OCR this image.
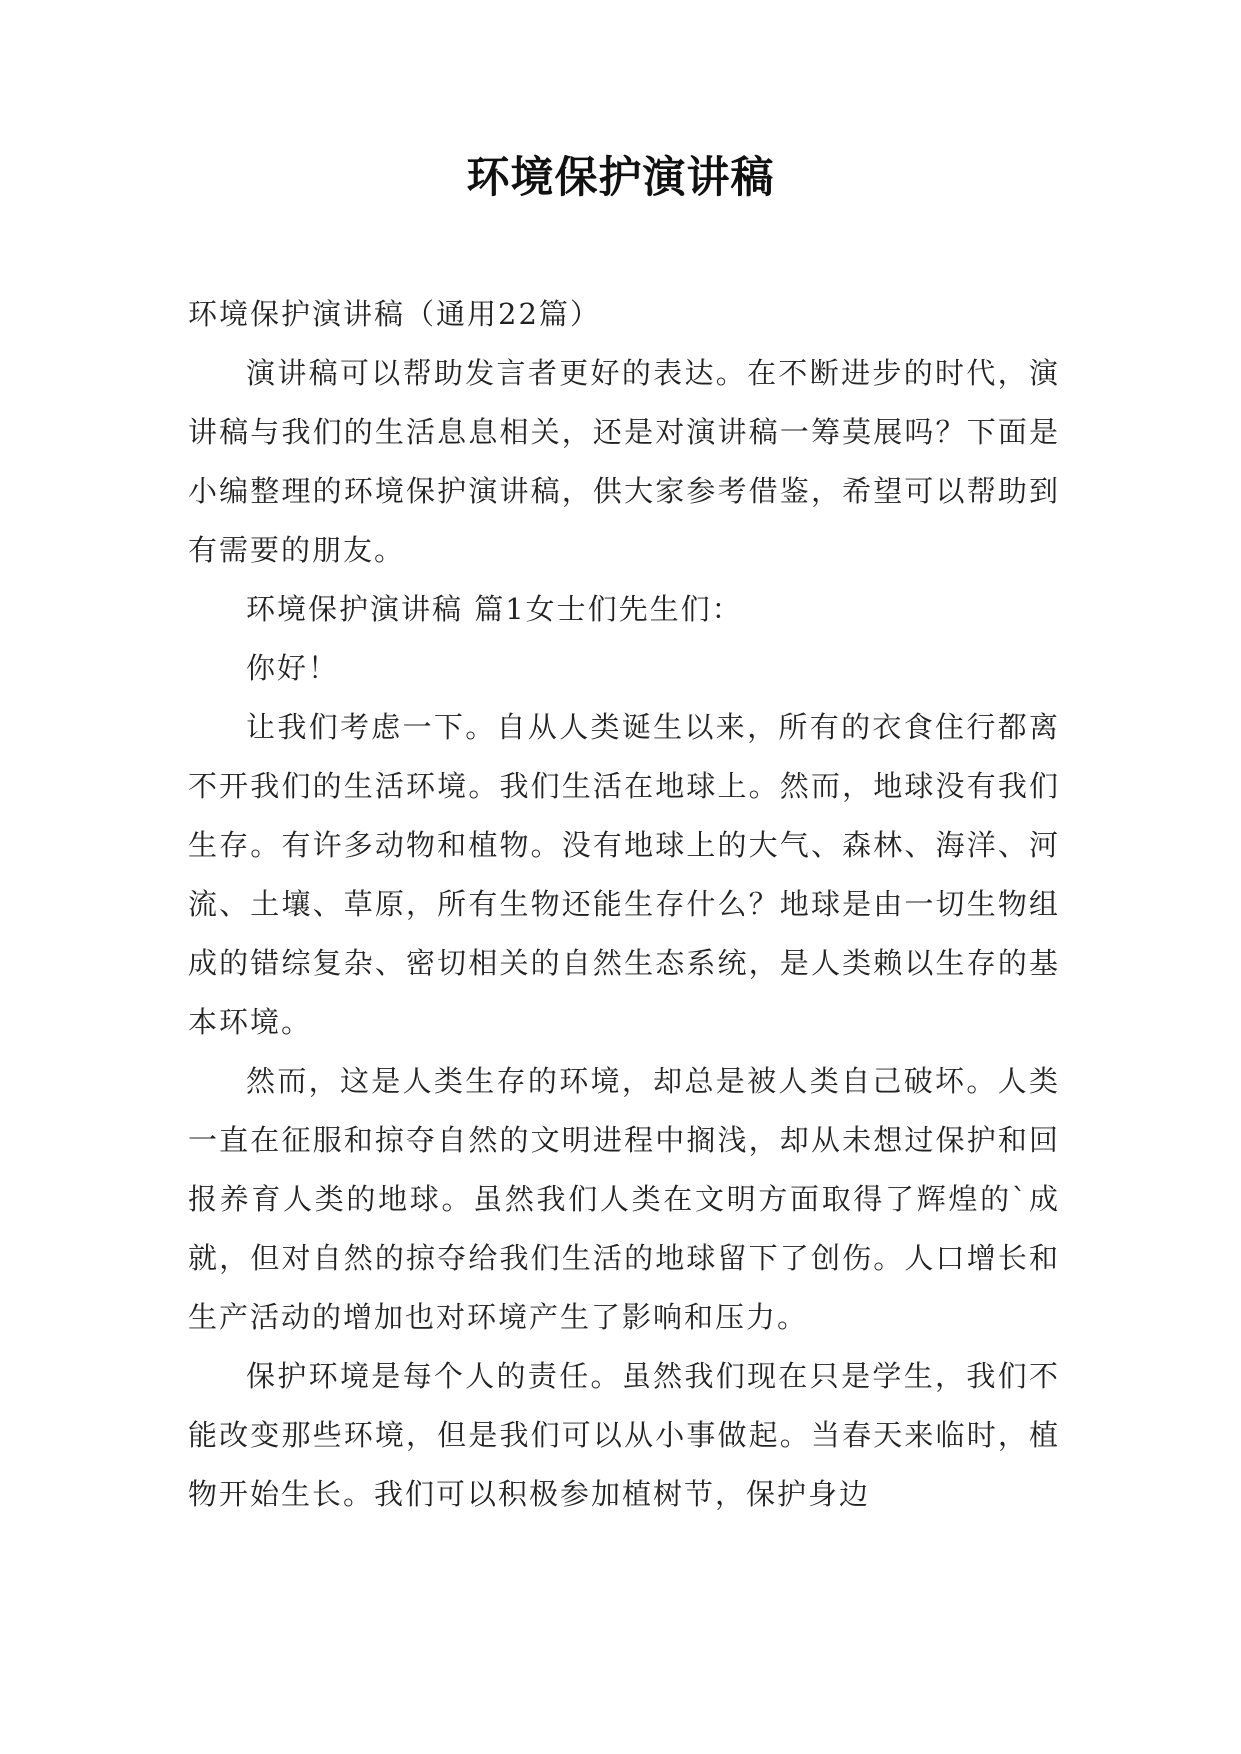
环境保护演讲稿

环境保护演讲稿（通用22篇）

演讲稿可以帮助发言者更好的表达。在不断进步的时代，演讲稿与我们的生活息息相关，还是对演讲稿一筹莫展吗？下面是小编整理的环境保护演讲稿，供大家参考借鉴，希望可以帮助到有需要的朋友。

环境保护演讲稿 篇1女士们先生们：

你好！

让我们考虑一下。自从人类诞生以来，所有的衣食住行都离不开我们的生活环境。我们生活在地球上。然而，地球没有我们生存。有许多动物和植物。没有地球上的大气、森林、海洋、河流、土壤、草原，所有生物还能生存什么？地球是由一切生物组成的错综复杂、密切相关的自然生态系统，是人类赖以生存的基本环境。

然而，这是人类生存的环境，却总是被人类自己破坏。人类一直在征服和掠夺自然的文明进程中搁浅，却从未想过保护和回报养育人类的地球。虽然我们人类在文明方面取得了辉煌的`成就，但对自然的掠夺给我们生活的地球留下了创伤。人口增长和生产活动的增加也对环境产生了影响和压力。

保护环境是每个人的责任。虽然我们现在只是学生，我们不能改变那些环境，但是我们可以从小事做起。当春天来临时，植物开始生长。我们可以积极参加植树节，保护身边
